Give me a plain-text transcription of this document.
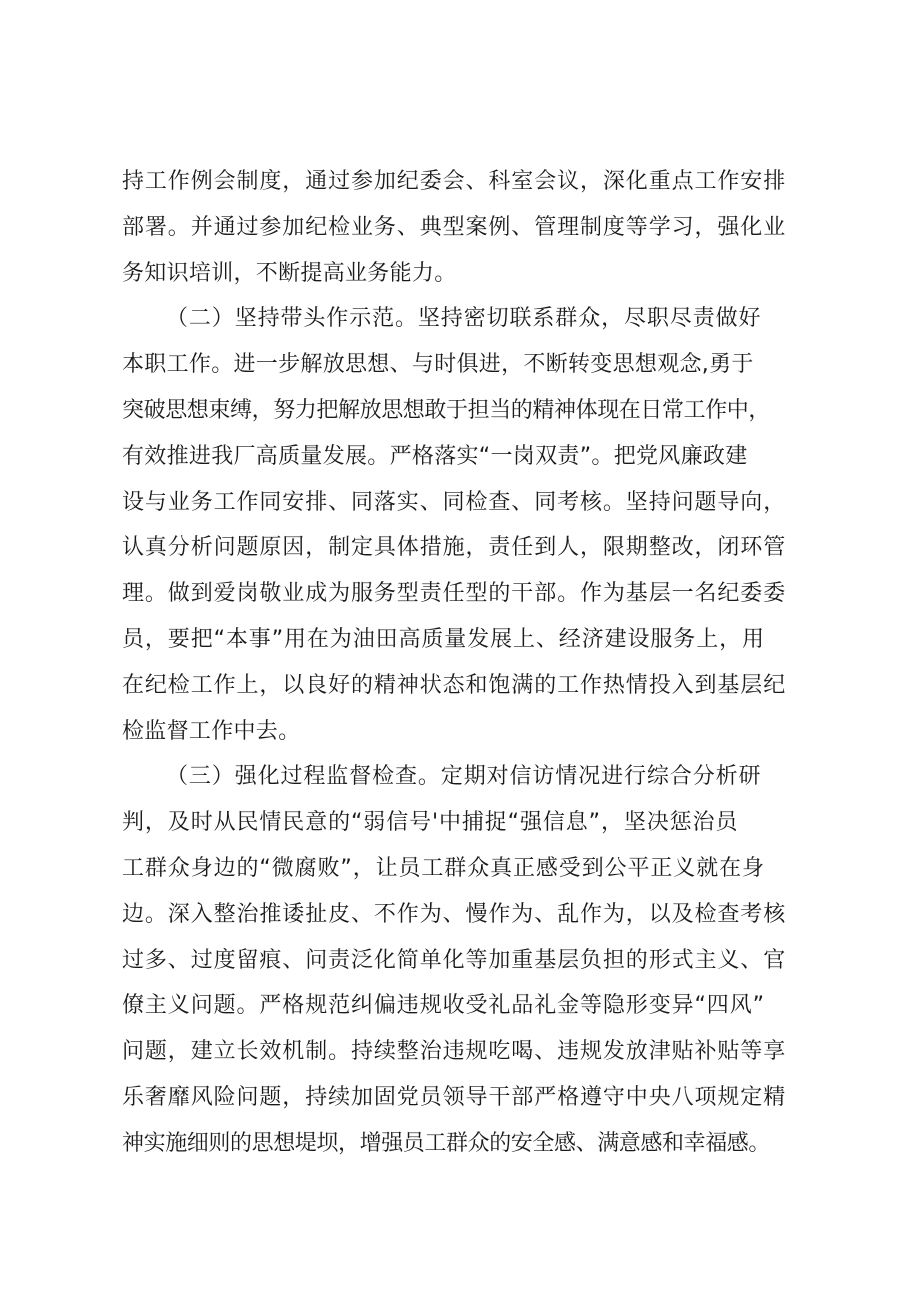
持工作例会制度，通过参加纪委会、科室会议，深化重点工作安排
部署。并通过参加纪检业务、典型案例、管理制度等学习，强化业
务知识培训，不断提高业务能力。
（二）坚持带头作示范。坚持密切联系群众，尽职尽责做好
本职工作。进一步解放思想、与时俱进，不断转变思想观念,勇于
突破思想束缚，努力把解放思想敢于担当的精神体现在日常工作中，
有效推进我厂高质量发展。严格落实“一岗双责”。把党风廉政建
设与业务工作同安排、同落实、同检查、同考核。坚持问题导向，
认真分析问题原因，制定具体措施，责任到人，限期整改，闭环管
理。做到爱岗敬业成为服务型责任型的干部。作为基层一名纪委委
员，要把“本事”用在为油田高质量发展上、经济建设服务上，用
在纪检工作上，以良好的精神状态和饱满的工作热情投入到基层纪
检监督工作中去。
（三）强化过程监督检查。定期对信访情况进行综合分析研
判，及时从民情民意的“弱信号'中捕捉“强信息”，坚决惩治员
工群众身边的“微腐败”，让员工群众真正感受到公平正义就在身
边。深入整治推诿扯皮、不作为、慢作为、乱作为，以及检查考核
过多、过度留痕、问责泛化简单化等加重基层负担的形式主义、官
僚主义问题。严格规范纠偏违规收受礼品礼金等隐形变异“四风”
问题，建立长效机制。持续整治违规吃喝、违规发放津贴补贴等享
乐奢靡风险问题，持续加固党员领导干部严格遵守中央八项规定精
神实施细则的思想堤坝，增强员工群众的安全感、满意感和幸福感。
